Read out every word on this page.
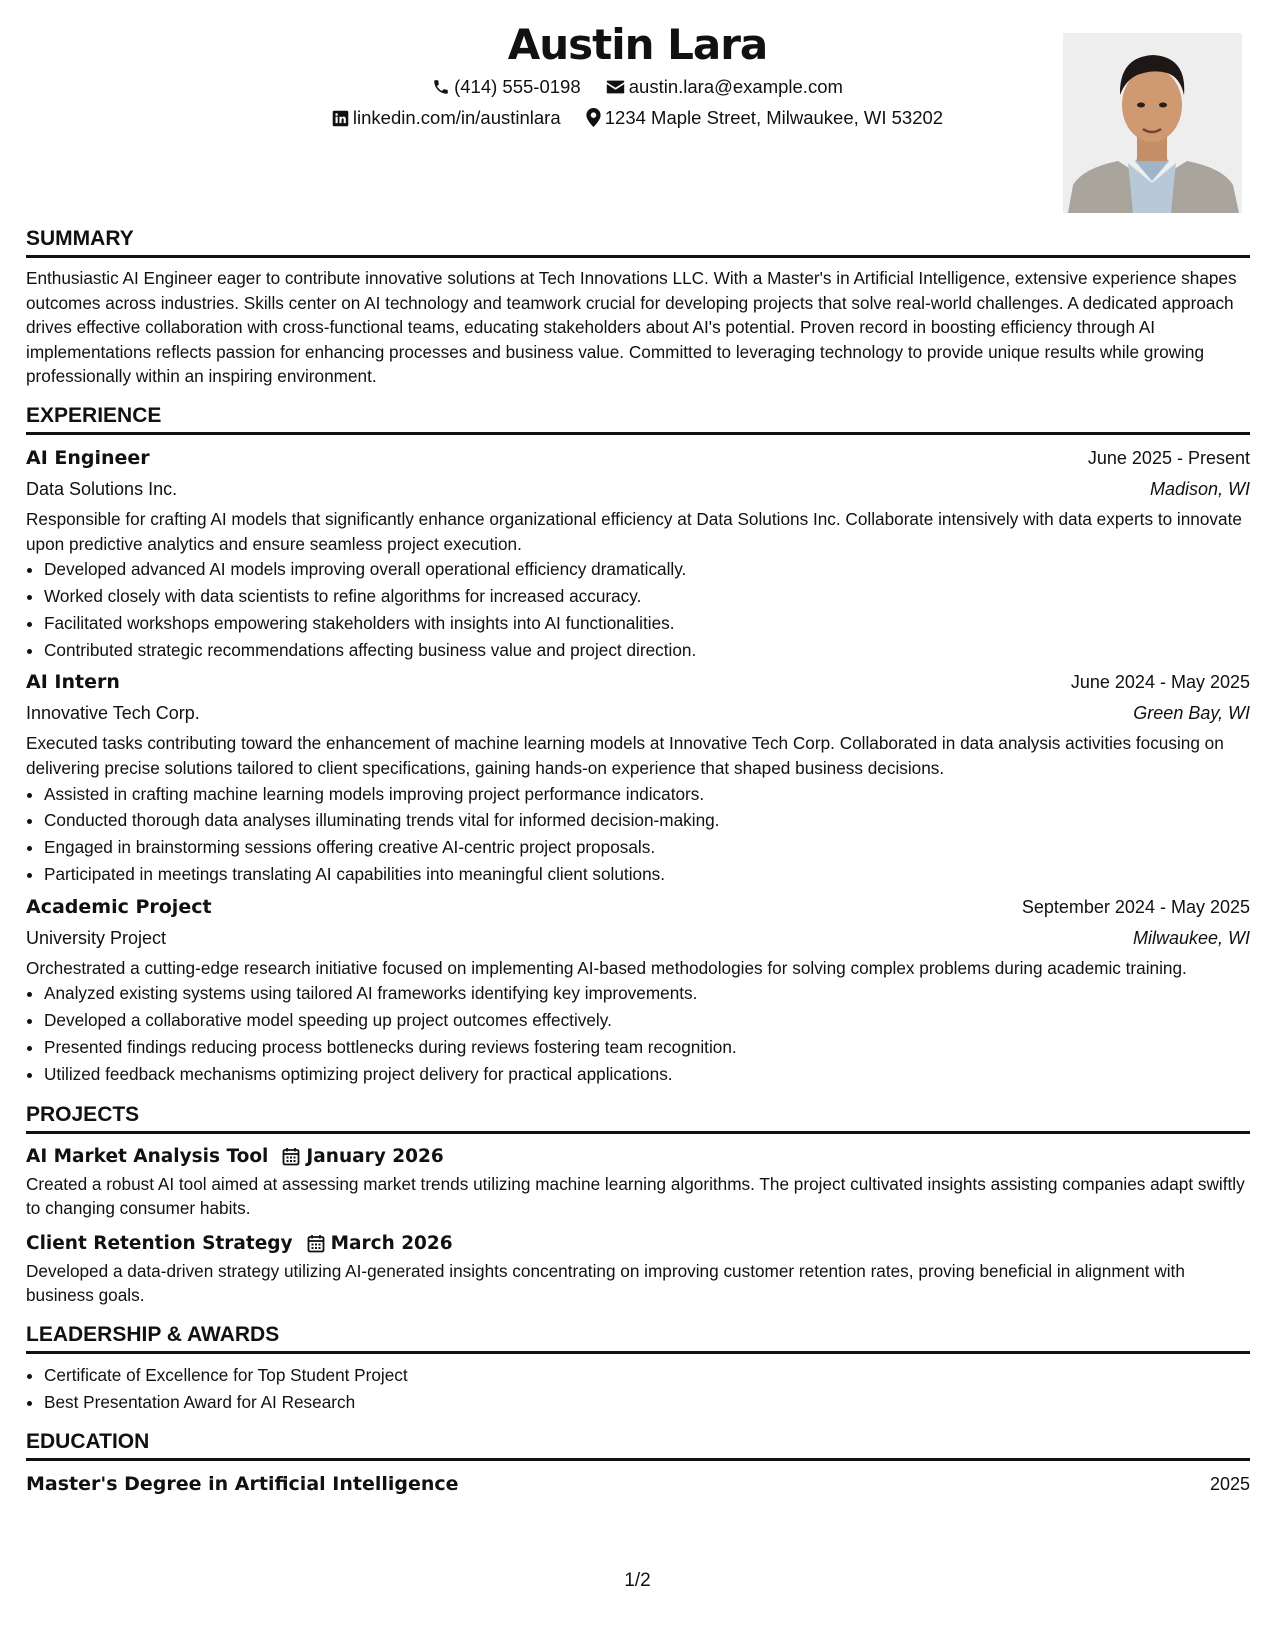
Austin Lara
(414) 555-0198	austin.lara@example.com
linkedin.com/in/austinlara 1234 Maple Street, Milwaukee, WI 53202
SUMMARY

Enthusiastic AI Engineer eager to contribute innovative solutions at Tech Innovations LLC. With a Master's in Artificial Intelligence, extensive experience shapes outcomes across industries. Skills center on AI technology and teamwork crucial for developing projects that solve real-world challenges. A dedicated approach drives effective collaboration with cross-functional teams, educating stakeholders about AI's potential. Proven record in boosting efficiency through AI implementations reflects passion for enhancing processes and business value. Committed to leveraging technology to provide unique results while growing professionally within an inspiring environment.

EXPERIENCE
AI Engineer	June 2025 - Present
Data Solutions Inc.	Madison, WI

Responsible for crafting AI models that significantly enhance organizational efficiency at Data Solutions Inc. Collaborate intensively with data experts to innovate upon predictive analytics and ensure seamless project execution.

• Developed advanced AI models improving overall operational efficiency dramatically.
• Worked closely with data scientists to refine algorithms for increased accuracy.
• Facilitated workshops empowering stakeholders with insights into AI functionalities.
• Contributed strategic recommendations affecting business value and project direction.
AI Intern	June 2024 - May 2025
Innovative Tech Corp.	Green Bay, WI

Executed tasks contributing toward the enhancement of machine learning models at Innovative Tech Corp. Collaborated in data analysis activities focusing on delivering precise solutions tailored to client specifications, gaining hands-on experience that shaped business decisions.

• Assisted in crafting machine learning models improving project performance indicators.
• Conducted thorough data analyses illuminating trends vital for informed decision-making.
• Engaged in brainstorming sessions offering creative AI-centric project proposals.
• Participated in meetings translating AI capabilities into meaningful client solutions.
Academic Project	September 2024 - May 2025
University Project	Milwaukee, WI

Orchestrated a cutting-edge research initiative focused on implementing AI-based methodologies for solving complex problems during academic training.

• Analyzed existing systems using tailored AI frameworks identifying key improvements.
• Developed a collaborative model speeding up project outcomes effectively.
• Presented findings reducing process bottlenecks during reviews fostering team recognition.
• Utilized feedback mechanisms optimizing project delivery for practical applications.
PROJECTS
AI Market Analysis Tool January 2026

Created a robust AI tool aimed at assessing market trends utilizing machine learning algorithms. The project cultivated insights assisting companies adapt swiftly to changing consumer habits.

Client Retention Strategy March 2026

Developed a data-driven strategy utilizing AI-generated insights concentrating on improving customer retention rates, proving beneficial in alignment with business goals.

LEADERSHIP & AWARDS
• Certificate of Excellence for Top Student Project
• Best Presentation Award for AI Research
EDUCATION
Master's Degree in Artificial Intelligence	2025
1/2
